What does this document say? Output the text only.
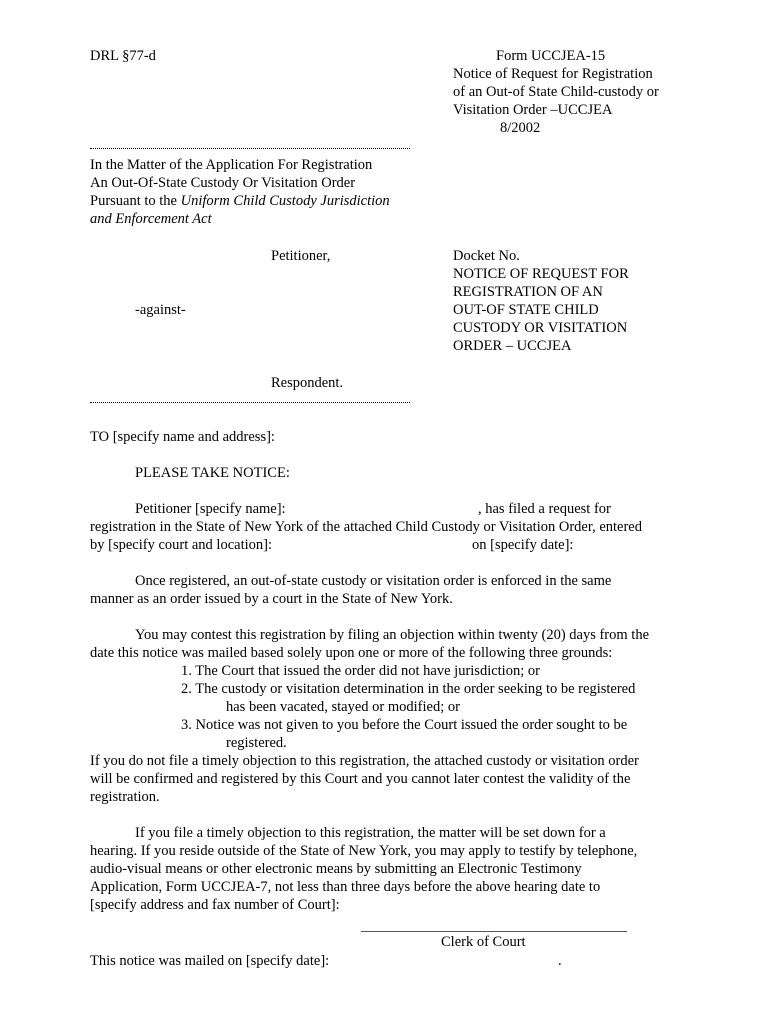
DRL §77-d	Form UCCJEA-15
Notice of Request for Registration
of an Out-of State Child-custody or
Visitation Order –UCCJEA
8/2002
In the Matter of the Application For Registration
An Out-Of-State Custody Or Visitation Order
Pursuant to the Uniform Child Custody Jurisdiction
and Enforcement Act
Petitioner,	Docket No.
NOTICE OF REQUEST FOR
REGISTRATION OF AN
-against-	OUT-OF STATE CHILD
CUSTODY OR VISITATION
ORDER – UCCJEA
Respondent.
TO [specify name and address]:
PLEASE TAKE NOTICE:
Petitioner [specify name]:	, has filed a request for
registration in the State of New York of the attached Child Custody or Visitation Order, entered
by [specify court and location]:	on [specify date]:
Once registered, an out-of-state custody or visitation order is enforced in the same
manner as an order issued by a court in the State of New York.
You may contest this registration by filing an objection within twenty (20) days from the
date this notice was mailed based solely upon one or more of the following three grounds:
1. The Court that issued the order did not have jurisdiction; or
2. The custody or visitation determination in the order seeking to be registered
has been vacated, stayed or modified; or
3. Notice was not given to you before the Court issued the order sought to be
registered.
If you do not file a timely objection to this registration, the attached custody or visitation order
will be confirmed and registered by this Court and you cannot later contest the validity of the
registration.
If you file a timely objection to this registration, the matter will be set down for a
hearing. If you reside outside of the State of New York, you may apply to testify by telephone,
audio-visual means or other electronic means by submitting an Electronic Testimony
Application, Form UCCJEA-7, not less than three days before the above hearing date to
[specify address and fax number of Court]:
Clerk of Court
This notice was mailed on [specify date]:	.
